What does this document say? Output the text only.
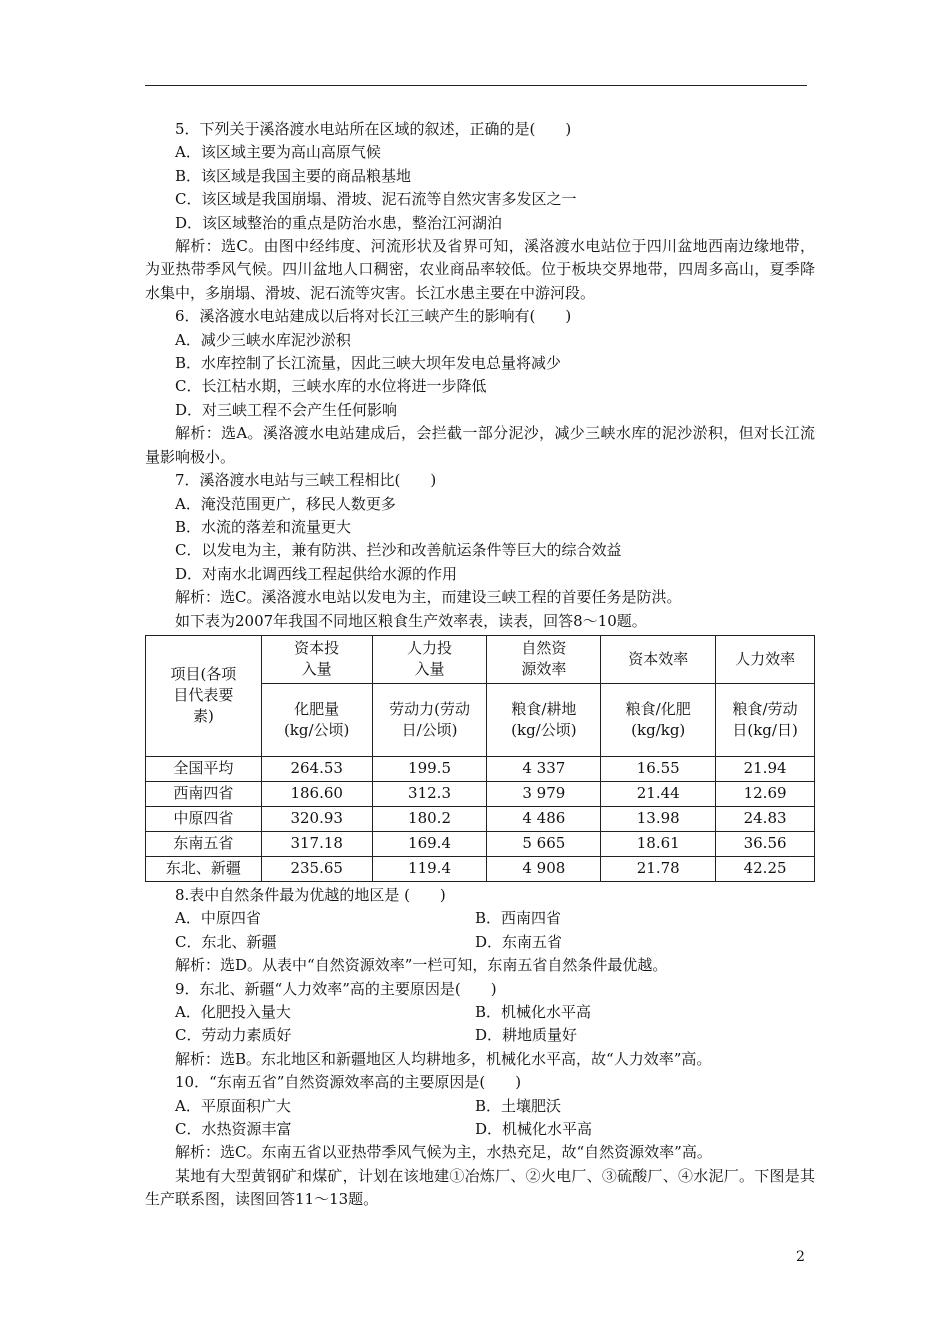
5．下列关于溪洛渡水电站所在区域的叙述，正确的是(　　)
A．该区域主要为高山高原气候
B．该区域是我国主要的商品粮基地
C．该区域是我国崩塌、滑坡、泥石流等自然灾害多发区之一
D．该区域整治的重点是防治水患，整治江河湖泊
解析：选C。由图中经纬度、河流形状及省界可知，溪洛渡水电站位于四川盆地西南边缘地带，为亚热带季风气候。四川盆地人口稠密，农业商品率较低。位于板块交界地带，四周多高山，夏季降水集中，多崩塌、滑坡、泥石流等灾害。长江水患主要在中游河段。
6．溪洛渡水电站建成以后将对长江三峡产生的影响有(　　)
A．减少三峡水库泥沙淤积
B．水库控制了长江流量，因此三峡大坝年发电总量将减少
C．长江枯水期，三峡水库的水位将进一步降低
D．对三峡工程不会产生任何影响
解析：选A。溪洛渡水电站建成后，会拦截一部分泥沙，减少三峡水库的泥沙淤积，但对长江流量影响极小。
7．溪洛渡水电站与三峡工程相比(　　)
A．淹没范围更广，移民人数更多
B．水流的落差和流量更大
C．以发电为主，兼有防洪、拦沙和改善航运条件等巨大的综合效益
D．对南水北调西线工程起供给水源的作用
解析：选C。溪洛渡水电站以发电为主，而建设三峡工程的首要任务是防洪。
如下表为2007年我国不同地区粮食生产效率表，读表，回答8～10题。
项目(各项目代表要素)	资本投入量	人力投入量	自然资源效率	资本效率	人力效率
	化肥量(kg/公顷)	劳动力(劳动日/公顷)	粮食/耕地(kg/公顷)	粮食/化肥(kg/kg)	粮食/劳动日(kg/日)
全国平均	264.53	199.5	4 337	16.55	21.94
西南四省	186.60	312.3	3 979	21.44	12.69
中原四省	320.93	180.2	4 486	13.98	24.83
东南五省	317.18	169.4	5 665	18.61	36.56
东北、新疆	235.65	119.4	4 908	21.78	42.25
8.表中自然条件最为优越的地区是 (　　)
A．中原四省	B．西南四省
C．东北、新疆	D．东南五省
解析：选D。从表中“自然资源效率”一栏可知，东南五省自然条件最优越。
9．东北、新疆“人力效率”高的主要原因是(　　)
A．化肥投入量大	B．机械化水平高
C．劳动力素质好	D．耕地质量好
解析：选B。东北地区和新疆地区人均耕地多，机械化水平高，故“人力效率”高。
10．“东南五省”自然资源效率高的主要原因是(　　)
A．平原面积广大	B．土壤肥沃
C．水热资源丰富	D．机械化水平高
解析：选C。东南五省以亚热带季风气候为主，水热充足，故“自然资源效率”高。
某地有大型黄钢矿和煤矿，计划在该地建①冶炼厂、②火电厂、③硫酸厂、④水泥厂。下图是其生产联系图，读图回答11～13题。
2
